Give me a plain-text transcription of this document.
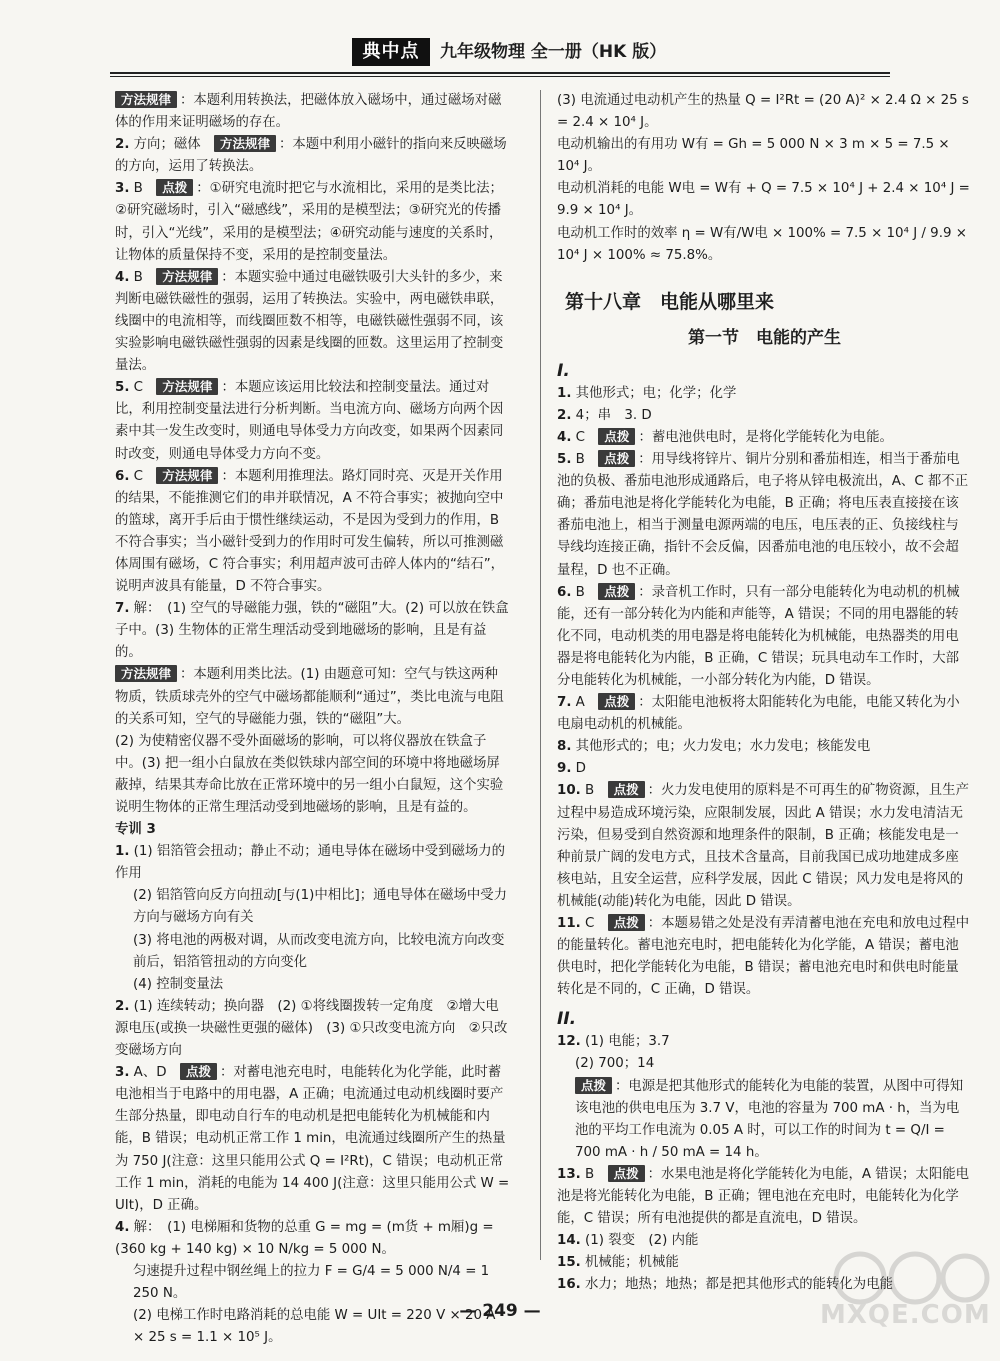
典中点	九年级物理 全一册（HK 版）

方法规律 ：本题利用转换法，把磁体放入磁场中，通过磁场对磁体的作用来证明磁场的存在。

2. 方向；磁体　 方法规律 ：本题中利用小磁针的指向来反映磁场的方向，运用了转换法。

3. B　 点拨 ：①研究电流时把它与水流相比，采用的是类比法；②研究磁场时，引入“磁感线”，采用的是模型法；③研究光的传播时，引入“光线”，采用的是模型法；④研究动能与速度的关系时，让物体的质量保持不变，采用的是控制变量法。

4. B　 方法规律 ：本题实验中通过电磁铁吸引大头针的多少，来判断电磁铁磁性的强弱，运用了转换法。实验中，两电磁铁串联，线圈中的电流相等，而线圈匝数不相等，电磁铁磁性强弱不同，该实验影响电磁铁磁性强弱的因素是线圈的匝数。这里运用了控制变量法。

5. C　 方法规律 ：本题应该运用比较法和控制变量法。通过对比，利用控制变量法进行分析判断。当电流方向、磁场方向两个因素中其一发生改变时，则通电导体受力方向改变，如果两个因素同时改变，则通电导体受力方向不变。

6. C　 方法规律 ：本题利用推理法。路灯同时亮、灭是开关作用的结果，不能推测它们的串并联情况，A 不符合事实；被抛向空中的篮球，离开手后由于惯性继续运动，不是因为受到力的作用，B 不符合事实；当小磁针受到力的作用时可发生偏转，所以可推测磁体周围有磁场，C 符合事实；利用超声波可击碎人体内的“结石”，说明声波具有能量，D 不符合事实。

7. 解：　 (1) 空气的导磁能力强，铁的“磁阻”大。(2) 可以放在铁盒子中。(3) 生物体的正常生理活动受到地磁场的影响，且是有益的。

方法规律 ：本题利用类比法。(1) 由题意可知：空气与铁这两种物质，铁质球壳外的空气中磁场都能顺利“通过”，类比电流与电阻的关系可知，空气的导磁能力强，铁的“磁阻”大。

(2) 为使精密仪器不受外面磁场的影响，可以将仪器放在铁盒子中。(3) 把一组小白鼠放在类似铁球内部空间的环境中将地磁场屏蔽掉，结果其寿命比放在正常环境中的另一组小白鼠短，这个实验说明生物体的正常生理活动受到地磁场的影响，且是有益的。

专训 3

1. (1) 铝箔管会扭动；静止不动；通电导体在磁场中受到磁场力的作用

(2) 铝箔管向反方向扭动[与(1)中相比]；通电导体在磁场中受力方向与磁场方向有关

(3) 将电池的两极对调，从而改变电流方向，比较电流方向改变前后，铝箔管扭动的方向变化

(4) 控制变量法

2. (1) 连续转动；换向器　(2) ①将线圈拨转一定角度　②增大电源电压(或换一块磁性更强的磁体)　(3) ①只改变电流方向　②只改变磁场方向

3. A、D　 点拨 ：对蓄电池充电时，电能转化为化学能，此时蓄电池相当于电路中的用电器，A 正确；电流通过电动机线圈时要产生部分热量，即电动自行车的电动机是把电能转化为机械能和内能，B 错误；电动机正常工作 1 min，电流通过线圈所产生的热量为 750 J(注意：这里只能用公式 Q = I²Rt)，C 错误；电动机正常工作 1 min，消耗的电能为 14 400 J(注意：这里只能用公式 W = UIt)，D 正确。

4. 解：　 (1) 电梯厢和货物的总重 G = mg = (m货 + m厢)g = (360 kg + 140 kg) × 10 N/kg = 5 000 N。

匀速提升过程中钢丝绳上的拉力 F = G/4 = 5 000 N/4 = 1 250 N。

(2) 电梯工作时电路消耗的总电能 W = UIt = 220 V × 20 A × 25 s = 1.1 × 10⁵ J。

(3) 电流通过电动机产生的热量 Q = I²Rt = (20 A)² × 2.4 Ω × 25 s = 2.4 × 10⁴ J。

电动机输出的有用功 W有 = Gh = 5 000 N × 3 m × 5 = 7.5 × 10⁴ J。

电动机消耗的电能 W电 = W有 + Q = 7.5 × 10⁴ J + 2.4 × 10⁴ J = 9.9 × 10⁴ J。

电动机工作时的效率 η = W有/W电 × 100% = 7.5 × 10⁴ J / 9.9 × 10⁴ J × 100% ≈ 75.8%。

第十八章　电能从哪里来
第一节　电能的产生
I.

1. 其他形式；电；化学；化学　

2. 4；串　3. D　

4. C　 点拨 ：蓄电池供电时，是将化学能转化为电能。

5. B　 点拨 ：用导线将锌片、铜片分别和番茄相连，相当于番茄电池的负极、番茄电池形成通路后，电子将从锌电极流出，A、C 都不正确；番茄电池是将化学能转化为电能，B 正确；将电压表直接接在该番茄电池上，相当于测量电源两端的电压，电压表的正、负接线柱与导线均连接正确，指针不会反偏，因番茄电池的电压较小，故不会超量程，D 也不正确。

6. B　 点拨 ：录音机工作时，只有一部分电能转化为电动机的机械能，还有一部分转化为内能和声能等，A 错误；不同的用电器能的转化不同，电动机类的用电器是将电能转化为机械能，电热器类的用电器是将电能转化为内能，B 正确，C 错误；玩具电动车工作时，大部分电能转化为机械能，一小部分转化为内能，D 错误。

7. A　 点拨 ：太阳能电池板将太阳能转化为电能，电能又转化为小电扇电动机的机械能。

8. 其他形式的；电；火力发电；水力发电；核能发电　

9. D　

10. B　 点拨 ：火力发电使用的原料是不可再生的矿物资源，且生产过程中易造成环境污染，应限制发展，因此 A 错误；水力发电清洁无污染，但易受到自然资源和地理条件的限制，B 正确；核能发电是一种前景广阔的发电方式，且技术含量高，目前我国已成功地建成多座核电站，且安全运营，应科学发展，因此 C 错误；风力发电是将风的机械能(动能)转化为电能，因此 D 错误。

11. C　 点拨 ：本题易错之处是没有弄清蓄电池在充电和放电过程中的能量转化。蓄电池充电时，把电能转化为化学能，A 错误；蓄电池供电时，把化学能转化为电能，B 错误；蓄电池充电时和供电时能量转化是不同的，C 正确，D 错误。

II.

12. (1) 电能；3.7　

(2) 700；14　

点拨 ：电源是把其他形式的能转化为电能的装置，从图中可得知该电池的供电电压为 3.7 V，电池的容量为 700 mA · h，当为电池的平均工作电流为 0.05 A 时，可以工作的时间为 t = Q/I = 700 mA · h / 50 mA = 14 h。

13. B　 点拨 ：水果电池是将化学能转化为电能，A 错误；太阳能电池是将光能转化为电能，B 正确；锂电池在充电时，电能转化为化学能，C 错误；所有电池提供的都是直流电，D 错误。

14. (1) 裂变　(2) 内能　

15. 机械能；机械能　

16. 水力；地热；地热；都是把其他形式的能转化为电能　

— 249 —	MXQE.COM
